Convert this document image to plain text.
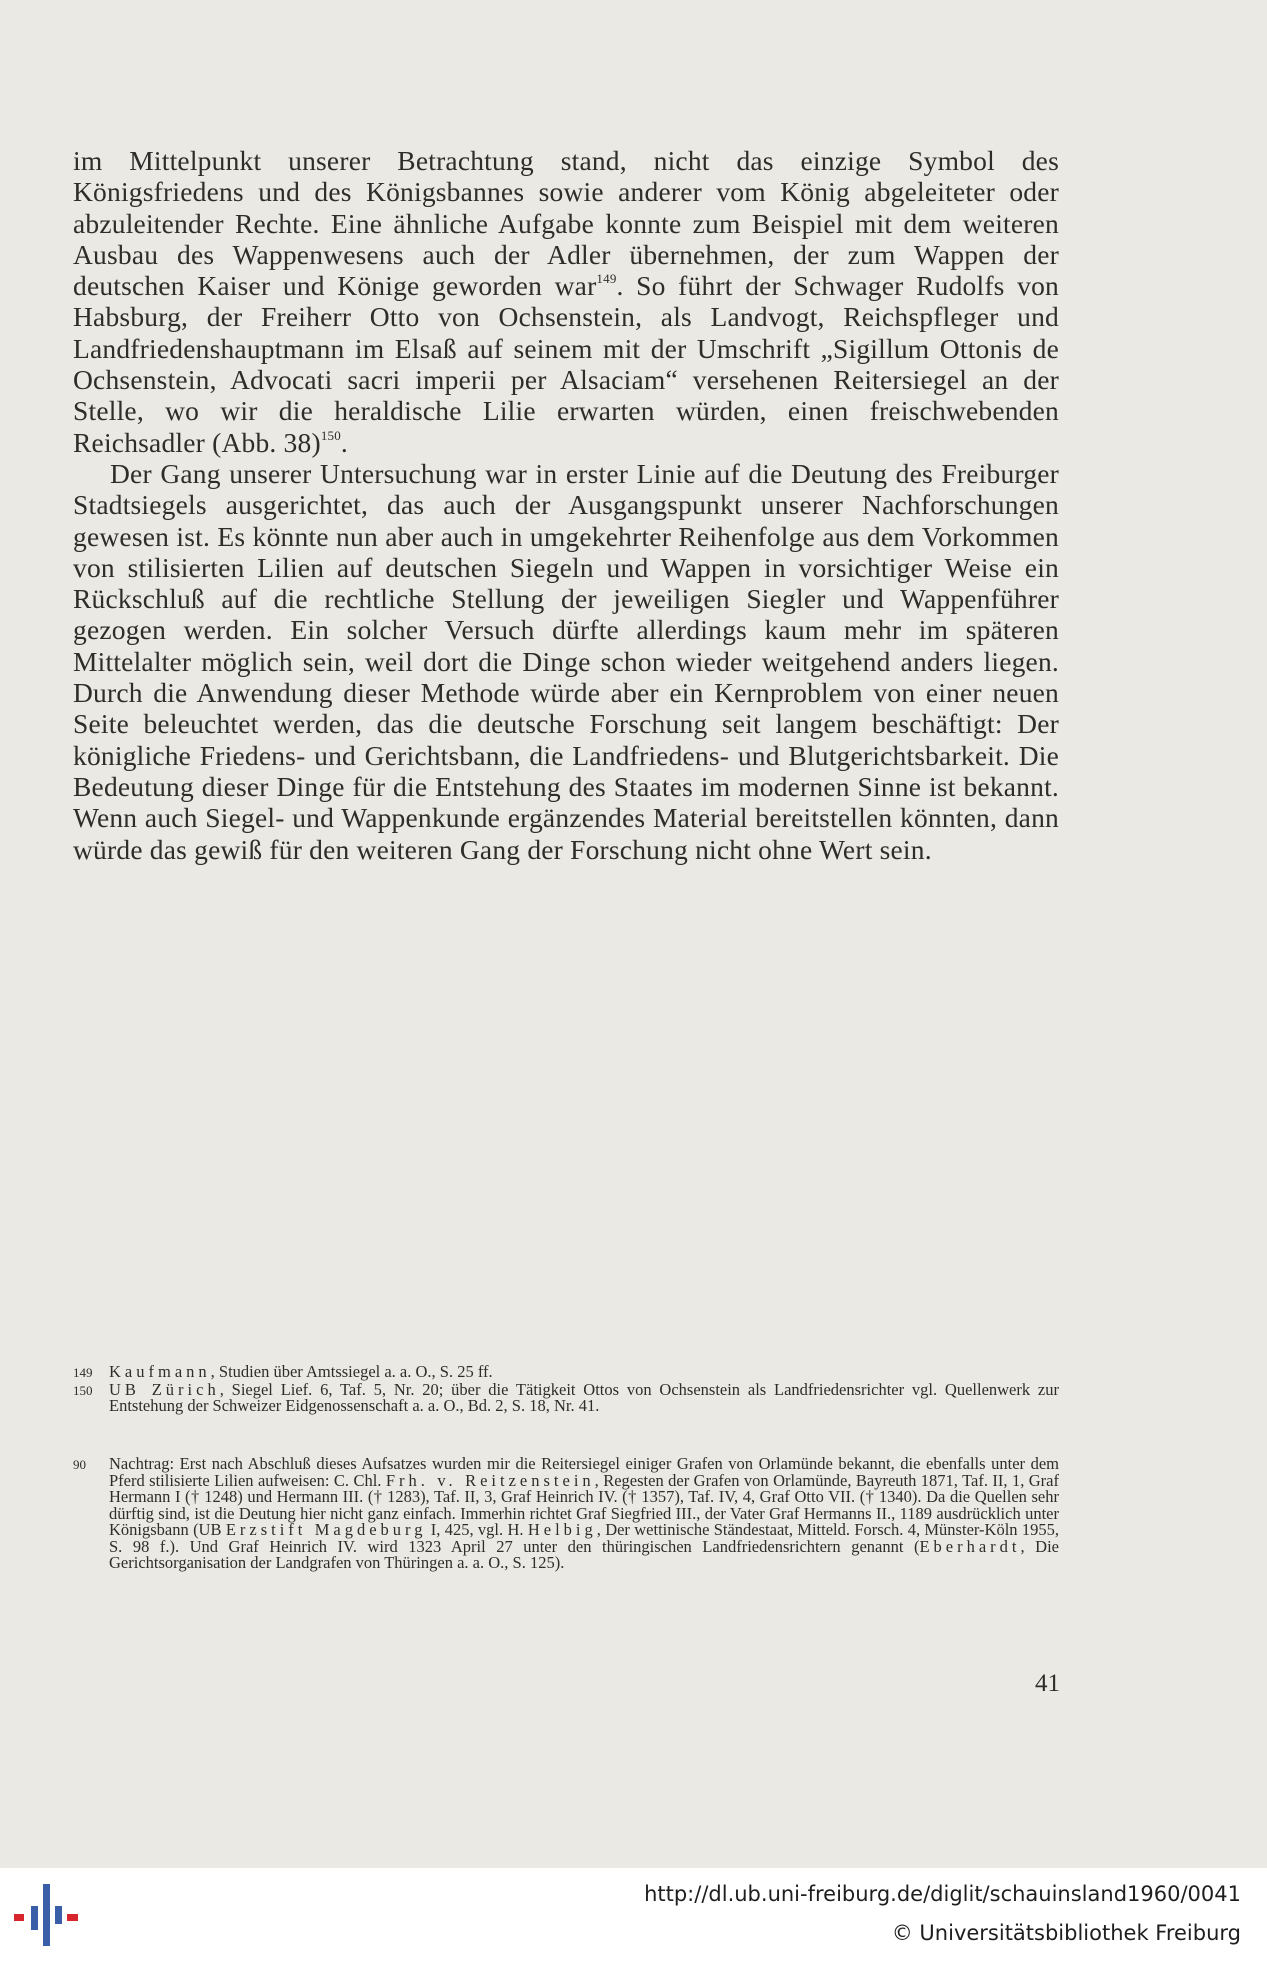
im Mittelpunkt unserer Betrachtung stand, nicht das einzige Symbol des Königsfriedens und des Königsbannes sowie anderer vom König abgeleiteter oder abzuleitender Rechte. Eine ähnliche Aufgabe konnte zum Beispiel mit dem weiteren Ausbau des Wappenwesens auch der Adler übernehmen, der zum Wappen der deutschen Kaiser und Könige geworden war$^{149}$. So führt der Schwager Rudolfs von Habsburg, der Freiherr Otto von Ochsenstein, als Landvogt, Reichspfleger und Landfriedenshauptmann im Elsaß auf seinem mit der Umschrift „Sigillum Ottonis de Ochsenstein, Advocati sacri imperii per Alsaciam“ versehenen Reitersiegel an der Stelle, wo wir die heraldische Lilie erwarten würden, einen freischwebenden Reichsadler (Abb. 38)$^{150}$.

Der Gang unserer Untersuchung war in erster Linie auf die Deutung des Freiburger Stadtsiegels ausgerichtet, das auch der Ausgangspunkt unserer Nachforschungen gewesen ist. Es könnte nun aber auch in umgekehrter Reihenfolge aus dem Vorkommen von stilisierten Lilien auf deutschen Siegeln und Wappen in vorsichtiger Weise ein Rückschluß auf die rechtliche Stellung der jeweiligen Siegler und Wappenführer gezogen werden. Ein solcher Versuch dürfte allerdings kaum mehr im späteren Mittelalter möglich sein, weil dort die Dinge schon wieder weitgehend anders liegen. Durch die Anwendung dieser Methode würde aber ein Kernproblem von einer neuen Seite beleuchtet werden, das die deutsche Forschung seit langem beschäftigt: Der königliche Friedens- und Gerichtsbann, die Landfriedens- und Blutgerichtsbarkeit. Die Bedeutung dieser Dinge für die Entstehung des Staates im modernen Sinne ist bekannt. Wenn auch Siegel- und Wappenkunde ergänzendes Material bereitstellen könnten, dann würde das gewiß für den weiteren Gang der Forschung nicht ohne Wert sein.

149	Kaufmann, Studien über Amtssiegel a. a. O., S. 25 ff.
150	UB Zürich, Siegel Lief. 6, Taf. 5, Nr. 20; über die Tätigkeit Ottos von Ochsenstein als Landfriedensrichter vgl. Quellenwerk zur Entstehung der Schweizer Eidgenossenschaft a. a. O., Bd. 2, S. 18, Nr. 41.
90	Nachtrag: Erst nach Abschluß dieses Aufsatzes wurden mir die Reitersiegel einiger Grafen von Orlamünde bekannt, die ebenfalls unter dem Pferd stilisierte Lilien aufweisen: C. Chl. Frh. v. Reitzenstein, Regesten der Grafen von Orlamünde, Bayreuth 1871, Taf. II, 1, Graf Hermann I († 1248) und Hermann III. († 1283), Taf. II, 3, Graf Heinrich IV. († 1357), Taf. IV, 4, Graf Otto VII. († 1340). Da die Quellen sehr dürftig sind, ist die Deutung hier nicht ganz einfach. Immerhin richtet Graf Siegfried III., der Vater Graf Hermanns II., 1189 ausdrücklich unter Königsbann (UB Erzstift Magdeburg I, 425, vgl. H. Helbig, Der wettinische Ständestaat, Mitteld. Forsch. 4, Münster-Köln 1955, S. 98 f.). Und Graf Heinrich IV. wird 1323 April 27 unter den thüringischen Landfriedensrichtern genannt (Eberhardt, Die Gerichtsorganisation der Landgrafen von Thüringen a. a. O., S. 125).
41
http://dl.ub.uni-freiburg.de/diglit/schauinsland1960/0041
© Universitätsbibliothek Freiburg
